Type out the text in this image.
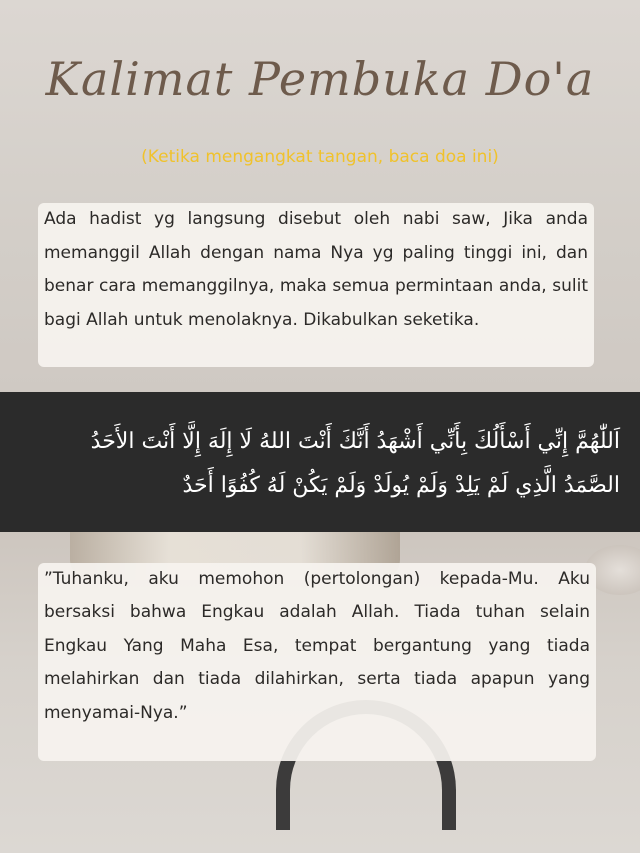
Kalimat Pembuka Do'a
(Ketika mengangkat tangan, baca doa ini)
Ada hadist yg langsung disebut oleh nabi saw, Jika anda memanggil Allah dengan nama Nya yg paling tinggi ini, dan benar cara memanggilnya, maka semua permintaan anda, sulit bagi Allah untuk menolaknya. Dikabulkan seketika.
اَللّٰهُمَّ إِنِّي أَسْأَلُكَ بِأَنِّي أَشْهَدُ أَنَّكَ أَنْتَ اللهُ لَا إِلَهَ إِلَّا أَنْتَ الأَحَدُ
الصَّمَدُ الَّذِي لَمْ يَلِدْ وَلَمْ يُولَدْ وَلَمْ يَكُنْ لَهُ كُفُوًا أَحَدٌ
”Tuhanku, aku memohon (pertolongan) kepada-Mu. Aku bersaksi bahwa Engkau adalah Allah. Tiada tuhan selain Engkau Yang Maha Esa, tempat bergantung yang tiada melahirkan dan tiada dilahirkan, serta tiada apapun yang menyamai-Nya.”
